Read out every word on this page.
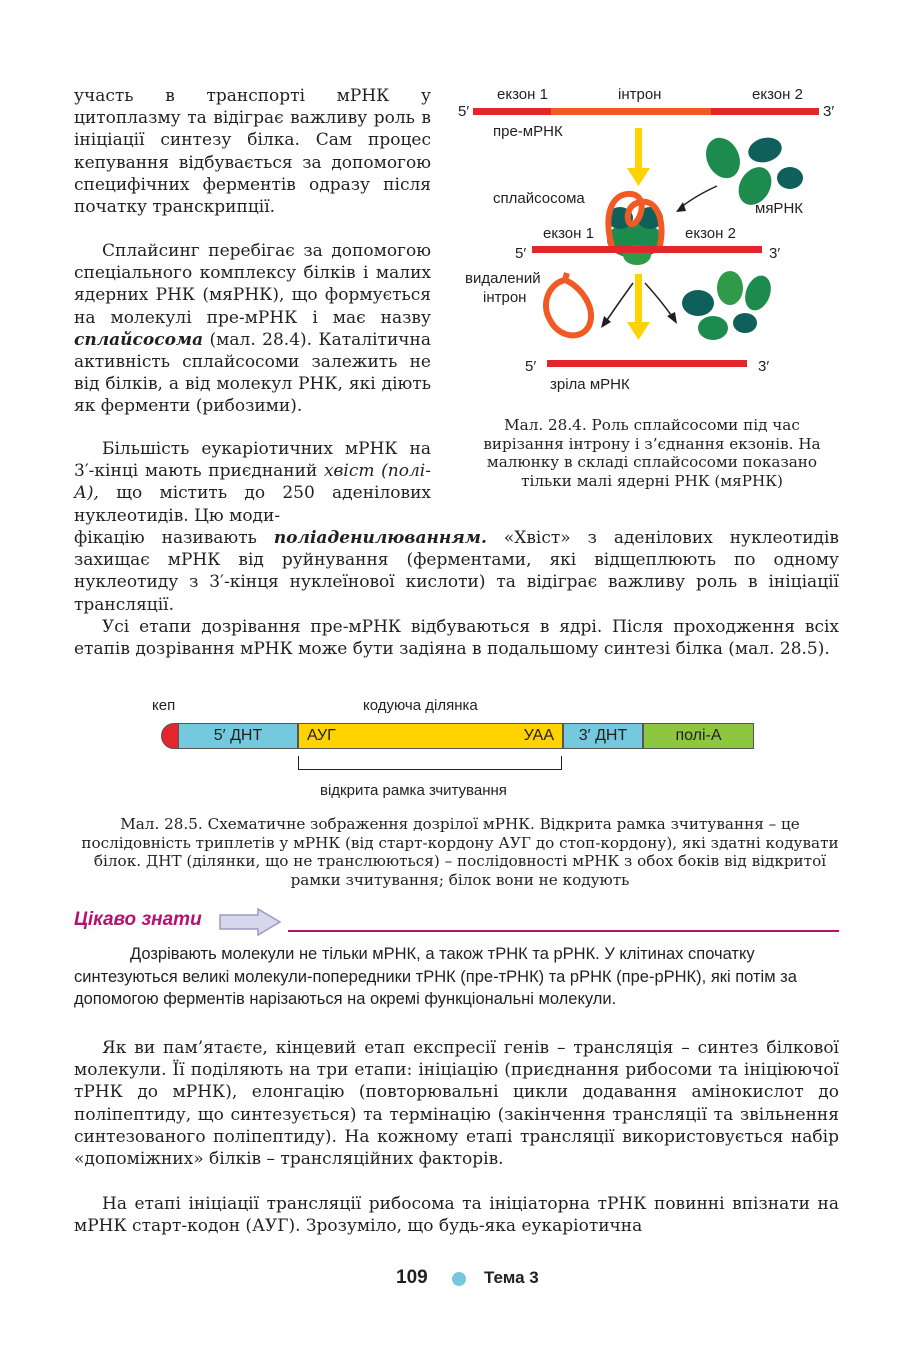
участь в транспорті мРНК у цитоплазму та відіграє важливу роль в ініціації синтезу білка. Сам процес кепування відбувається за допомогою специфічних ферментів одразу після початку транскрипції.

Сплайсинг перебігає за допомогою спеціального комплексу білків і малих ядерних РНК (мяРНК), що формується на молекулі пре-мРНК і має назву сплайсосома (мал. 28.4). Каталітична активність сплайсосоми залежить не від білків, а від молекул РНК, які діють як ферменти (рибозими).

Більшість еукаріотичних мРНК на 3′-кінці мають приєднаний хвіст (полі-А), що містить до 250 аденілових нуклеотидів. Цю моди-

екзон 1	інтрон	екзон 2
5′	3′
пре-мРНК
мяРНК
сплайсосома
екзон 1	екзон 2
5′	3′
видалений
інтрон
5′	3′
зріла мРНК

Мал. 28.4. Роль сплайсосоми під час вирізання інтрону і з’єднання екзонів. На малюнку в складі сплайсосоми показано тільки малі ядерні РНК (мяРНК)

фікацію називають поліаденилюванням. «Хвіст» з аденілових нуклеотидів захищає мРНК від руйнування (ферментами, які відщеплюють по одному нуклеотиду з 3′-кінця нуклеїнової кислоти) та відіграє важливу роль в ініціації трансляції.

Усі етапи дозрівання пре-мРНК відбуваються в ядрі. Після проходження всіх етапів дозрівання мРНК може бути задіяна в подальшому синтезі білка (мал. 28.5).

кеп	кодуюча ділянка
5′ ДНТ	АУГ	УАА 3′ ДНТ	полі-А
відкрита рамка зчитування

Мал. 28.5. Схематичне зображення дозрілої мРНК. Відкрита рамка зчитування – це послідовність триплетів у мРНК (від старт-кордону АУГ до стоп-кордону), які здатні кодувати білок. ДНТ (ділянки, що не транслюються) – послідовності мРНК з обох боків від відкритої рамки зчитування; білок вони не кодують

Цікаво знати

Дозрівають молекули не тільки мРНК, а також тРНК та рРНК. У клітинах спочатку синтезуються великі молекули-попередники тРНК (пре-тРНК) та рРНК (пре-рРНК), які потім за допомогою ферментів нарізаються на окремі функціональні молекули.

Як ви пам’ятаєте, кінцевий етап експресії генів – трансляція – синтез білкової молекули. Її поділяють на три етапи: ініціацію (приєднання рибосоми та ініціюючої тРНК до мРНК), елонгацію (повторювальні цикли додавання амінокислот до поліпептиду, що синтезується) та термінацію (закінчення трансляції та звільнення синтезованого поліпептиду). На кожному етапі трансляції використовується набір «допоміжних» білків – трансляційних факторів.

На етапі ініціації трансляції рибосома та ініціаторна тРНК повинні впізнати на мРНК старт-кодон (АУГ). Зрозуміло, що будь-яка еукаріотична

109	Тема 3
